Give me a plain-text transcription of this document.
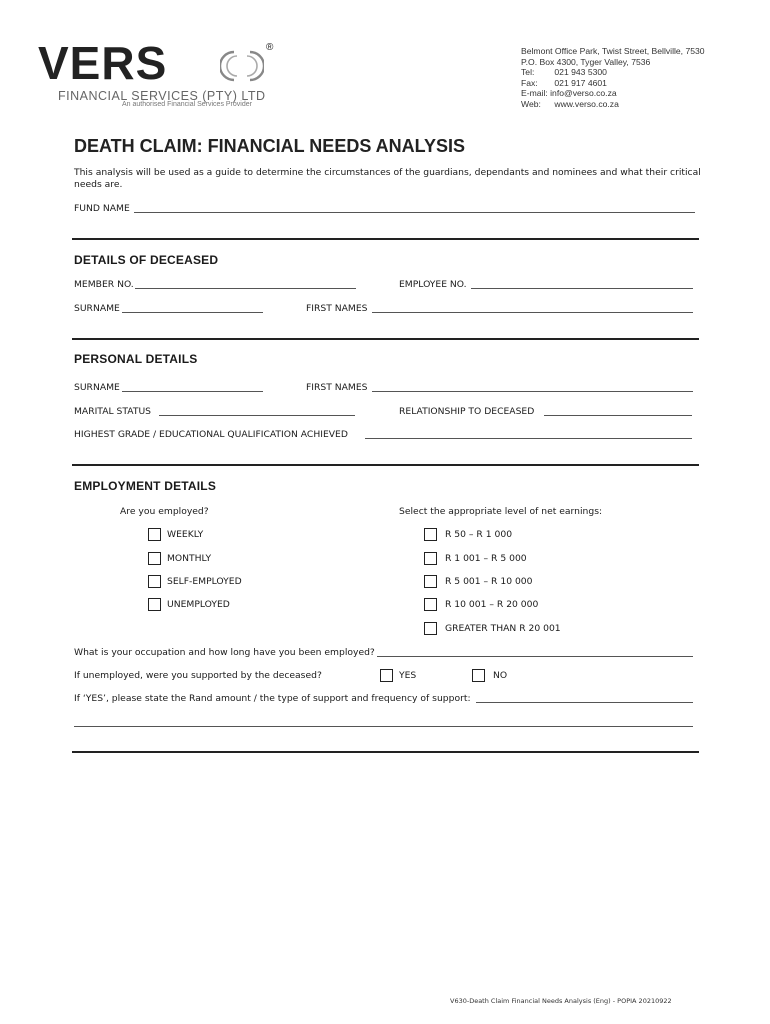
VERS	®
FINANCIAL SERVICES (PTY) LTD
An authorised Financial Services Provider
Belmont Office Park, Twist Street, Bellville, 7530
P.O. Box 4300, Tyger Valley, 7536
Tel: 021 943 5300
Fax: 021 917 4601
E-mail: info@verso.co.za
Web: www.verso.co.za
DEATH CLAIM: FINANCIAL NEEDS ANALYSIS
This analysis will be used as a guide to determine the circumstances of the guardians, dependants and nominees and what their critical needs are.
FUND NAME
DETAILS OF DECEASED
MEMBER NO.	EMPLOYEE NO.
SURNAME	FIRST NAMES
PERSONAL DETAILS
SURNAME	FIRST NAMES
MARITAL STATUS	RELATIONSHIP TO DECEASED
HIGHEST GRADE / EDUCATIONAL QUALIFICATION ACHIEVED
EMPLOYMENT DETAILS
Are you employed?	Select the appropriate level of net earnings:
WEEKLY
MONTHLY
SELF-EMPLOYED
UNEMPLOYED
R 50 – R 1 000
R 1 001 – R 5 000
R 5 001 – R 10 000
R 10 001 – R 20 000
GREATER THAN R 20 001
What is your occupation and how long have you been employed?
If unemployed, were you supported by the deceased?	YES	NO
If ‘YES’, please state the Rand amount / the type of support and frequency of support:
V630-Death Claim Financial Needs Analysis (Eng) - POPIA 20210922
